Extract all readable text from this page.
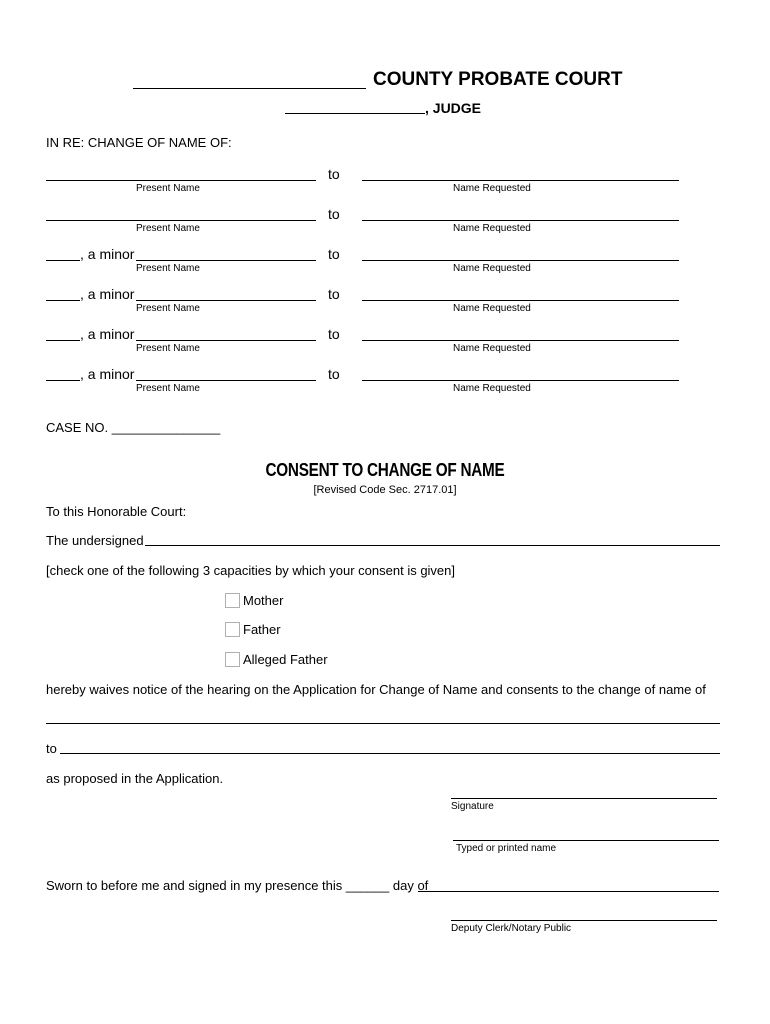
COUNTY PROBATE COURT
, JUDGE
IN RE: CHANGE OF NAME OF:
to
Present Name	Name Requested
to
Present Name	Name Requested
, a minor	to
Present Name	Name Requested
, a minor	to
Present Name	Name Requested
, a minor	to
Present Name	Name Requested
, a minor	to
Present Name	Name Requested
CASE NO. _______________
CONSENT TO CHANGE OF NAME
[Revised Code Sec. 2717.01]
To this Honorable Court:
The undersigned
[check one of the following 3 capacities by which your consent is given]
Mother
Father
Alleged Father
hereby waives notice of the hearing on the Application for Change of Name and consents to the change of name of
to
as proposed in the Application.
Signature
Typed or printed name
Sworn to before me and signed in my presence this ______ day of
Deputy Clerk/Notary Public
